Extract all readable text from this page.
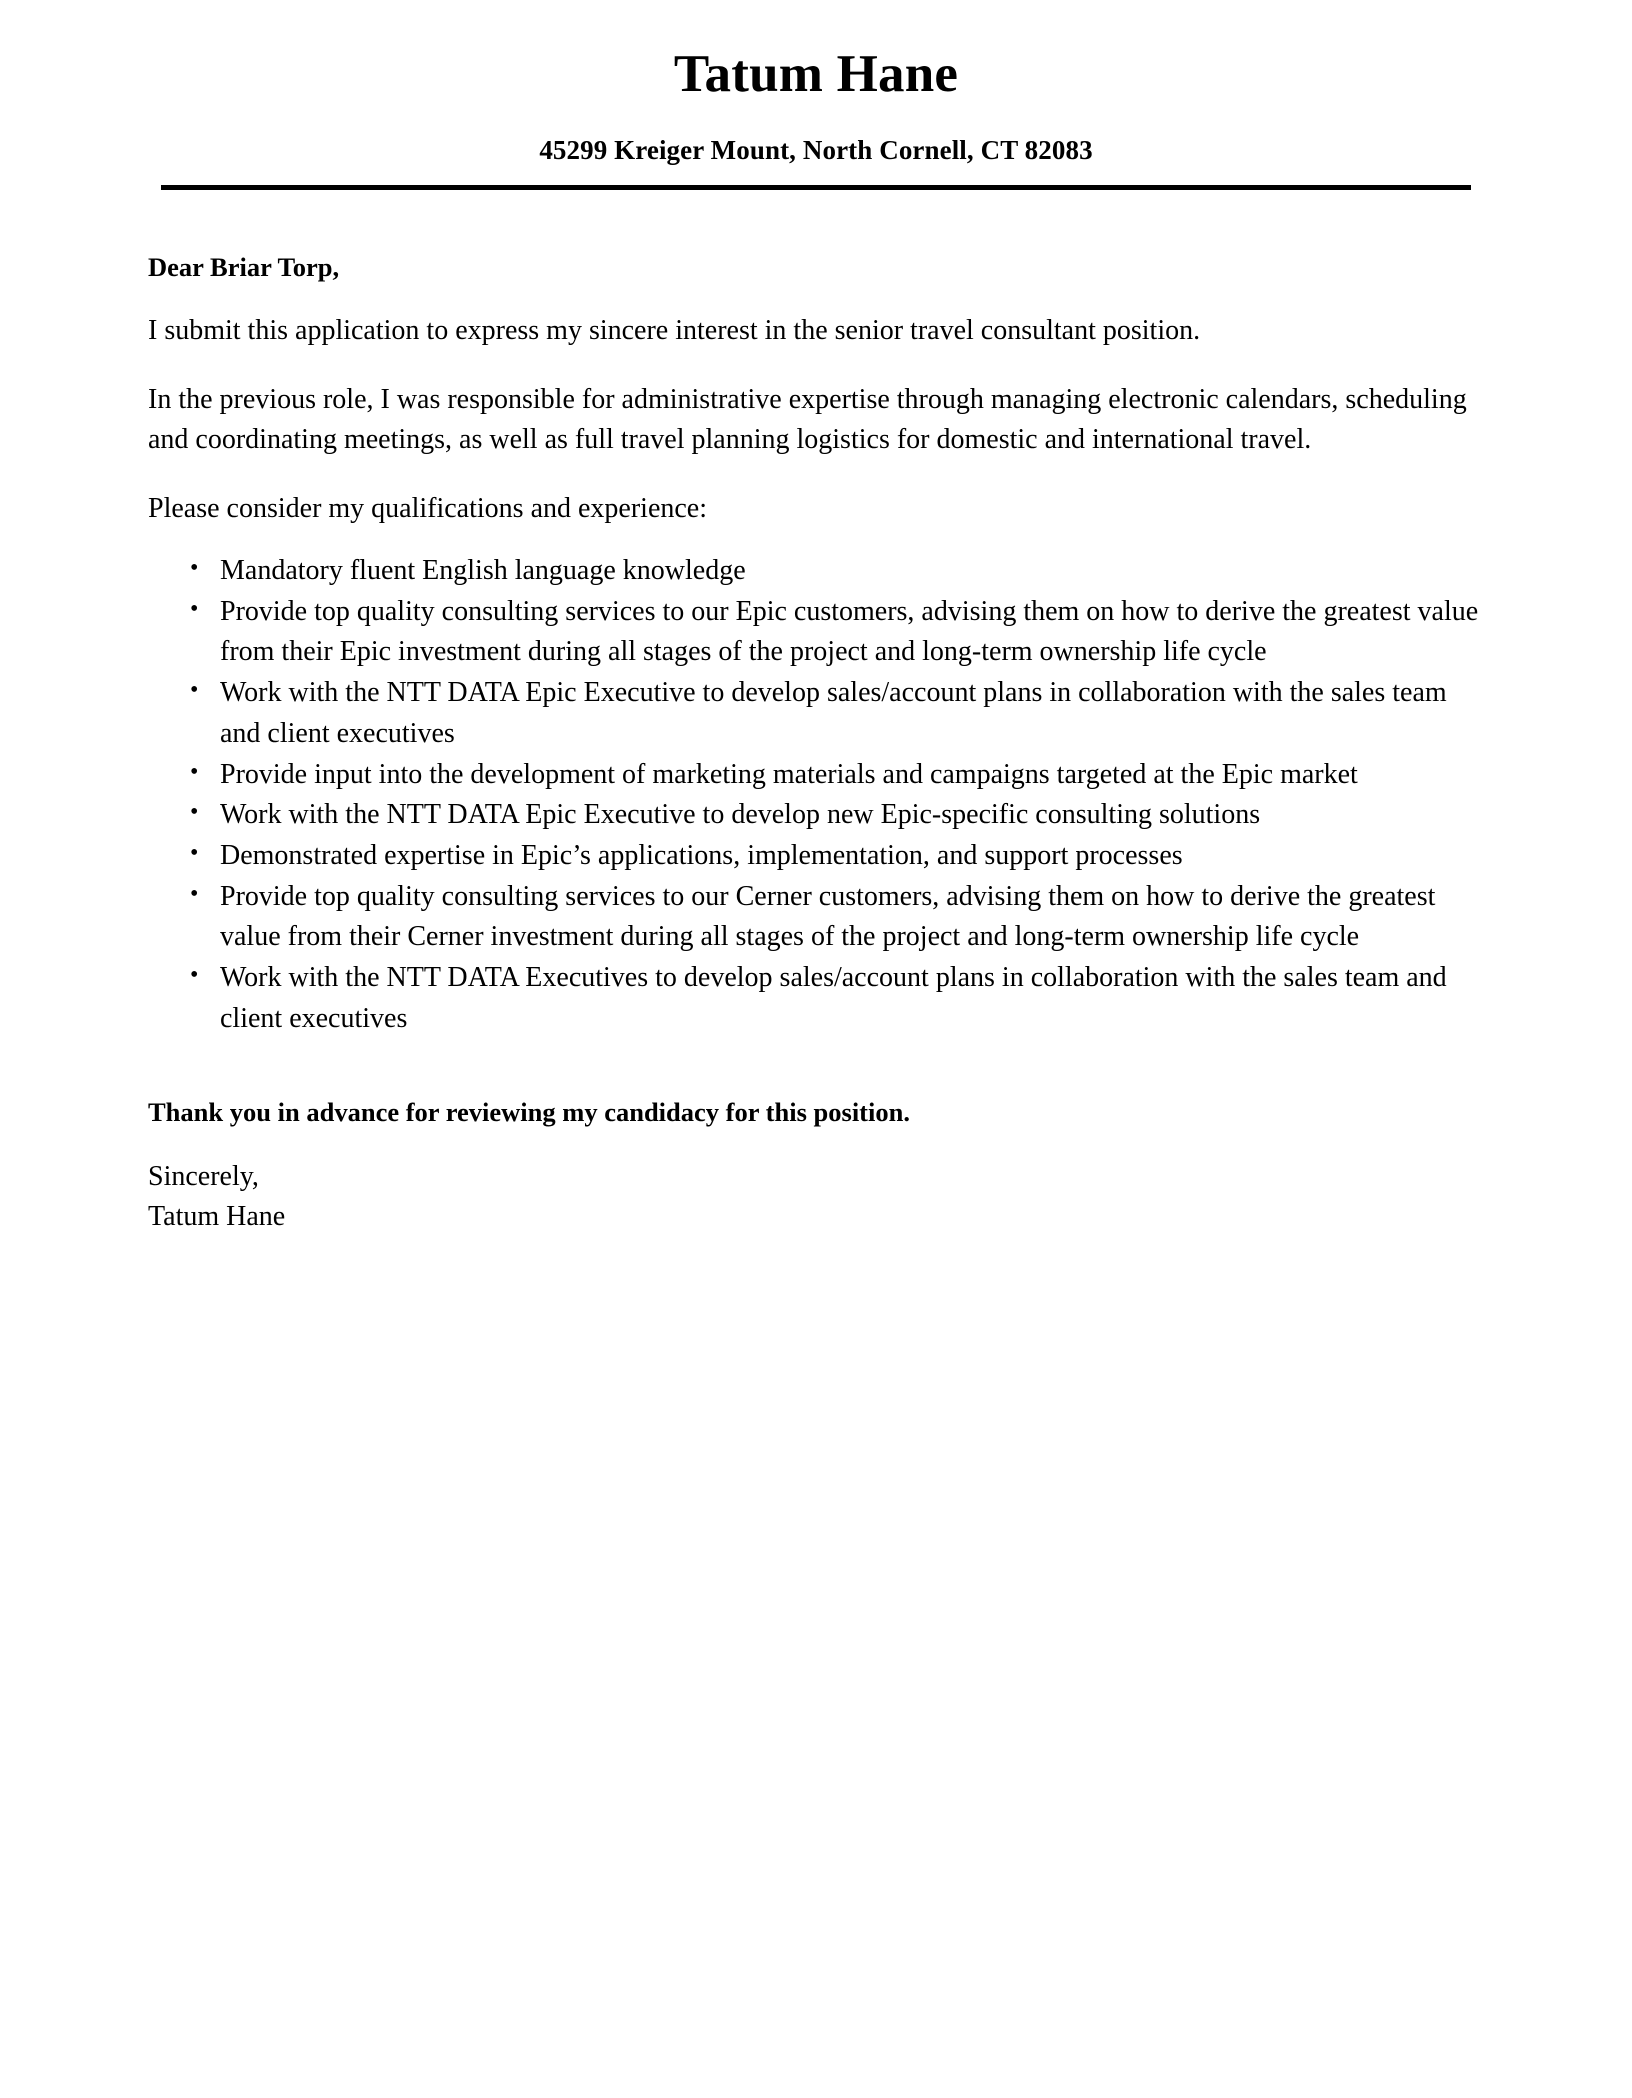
Tatum Hane
45299 Kreiger Mount, North Cornell, CT 82083
Dear Briar Torp,

I submit this application to express my sincere interest in the senior travel consultant position.

In the previous role, I was responsible for administrative expertise through managing electronic calendars, scheduling and coordinating meetings, as well as full travel planning logistics for domestic and international travel.

Please consider my qualifications and experience:

• Mandatory fluent English language knowledge
• Provide top quality consulting services to our Epic customers, advising them on how to derive the greatest value from their Epic investment during all stages of the project and long-term ownership life cycle
• Work with the NTT DATA Epic Executive to develop sales/account plans in collaboration with the sales team and client executives
• Provide input into the development of marketing materials and campaigns targeted at the Epic market
• Work with the NTT DATA Epic Executive to develop new Epic-specific consulting solutions
• Demonstrated expertise in Epic’s applications, implementation, and support processes
• Provide top quality consulting services to our Cerner customers, advising them on how to derive the greatest value from their Cerner investment during all stages of the project and long-term ownership life cycle
• Work with the NTT DATA Executives to develop sales/account plans in collaboration with the sales team and client executives
Thank you in advance for reviewing my candidacy for this position.
Sincerely,
Tatum Hane
